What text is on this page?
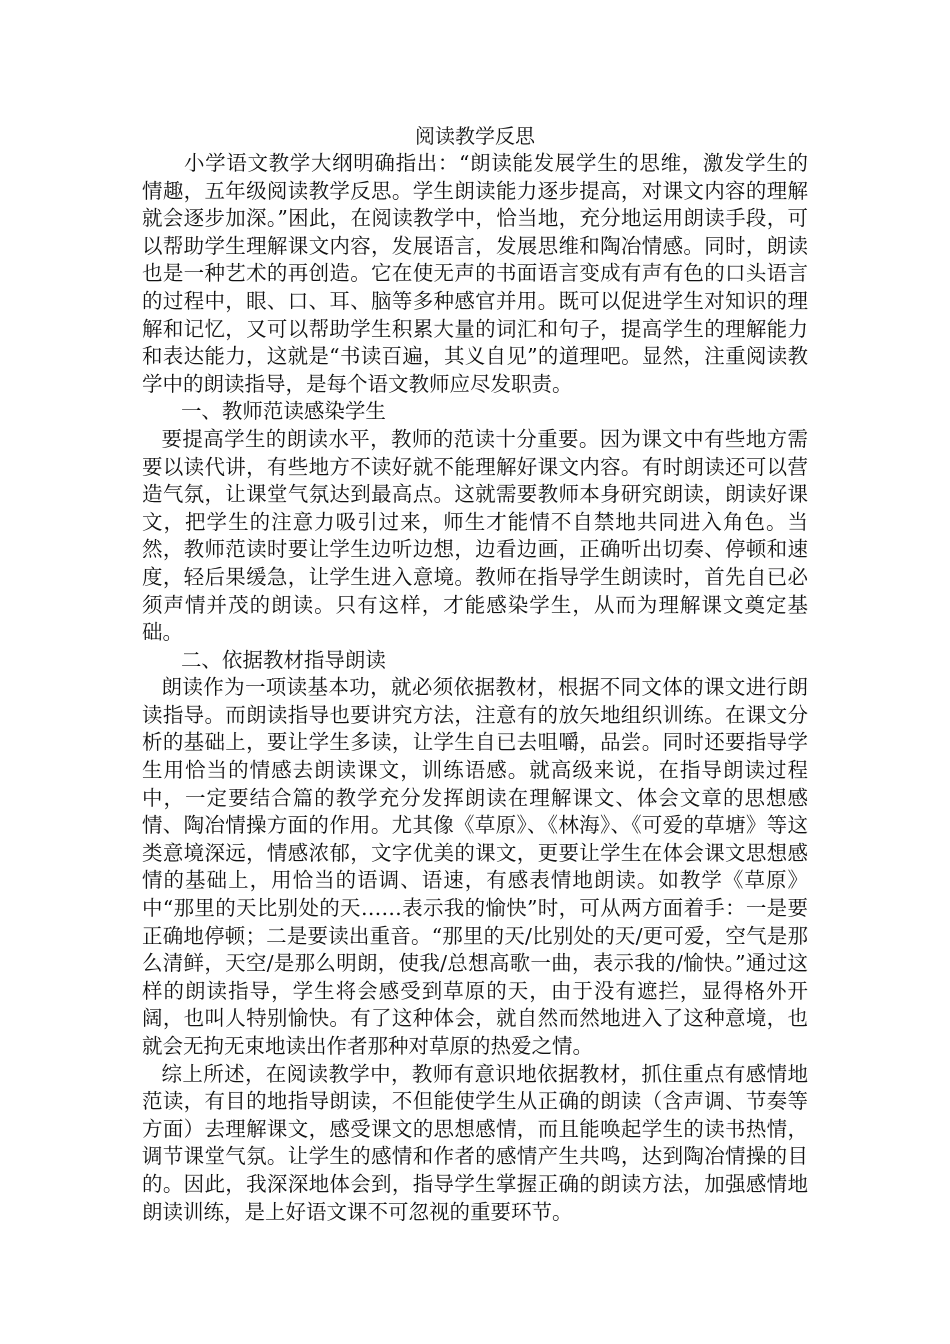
阅读教学反思

小学语文教学大纲明确指出：“朗读能发展学生的思维，激发学生的情趣，五年级阅读教学反思。学生朗读能力逐步提高，对课文内容的理解就会逐步加深。”困此，在阅读教学中，恰当地，充分地运用朗读手段，可以帮助学生理解课文内容，发展语言，发展思维和陶冶情感。同时，朗读也是一种艺术的再创造。它在使无声的书面语言变成有声有色的口头语言的过程中，眼、口、耳、脑等多种感官并用。既可以促进学生对知识的理解和记忆，又可以帮助学生积累大量的词汇和句子，提高学生的理解能力和表达能力，这就是“书读百遍，其义自见”的道理吧。显然，注重阅读教学中的朗读指导，是每个语文教师应尽发职责。

一、教师范读感染学生

要提高学生的朗读水平，教师的范读十分重要。因为课文中有些地方需要以读代讲，有些地方不读好就不能理解好课文内容。有时朗读还可以营造气氛，让课堂气氛达到最高点。这就需要教师本身研究朗读，朗读好课文，把学生的注意力吸引过来，师生才能情不自禁地共同进入角色。当然，教师范读时要让学生边听边想，边看边画，正确听出切奏、停顿和速度，轻后果缓急，让学生进入意境。教师在指导学生朗读时，首先自已必须声情并茂的朗读。只有这样，才能感染学生，从而为理解课文奠定基础。

二、依据教材指导朗读

朗读作为一项读基本功，就必须依据教材，根据不同文体的课文进行朗读指导。而朗读指导也要讲究方法，注意有的放矢地组织训练。在课文分析的基础上，要让学生多读，让学生自已去咀嚼，品尝。同时还要指导学生用恰当的情感去朗读课文，训练语感。就高级来说，在指导朗读过程中，一定要结合篇的教学充分发挥朗读在理解课文、体会文章的思想感情、陶冶情操方面的作用。尤其像《草原》、《林海》、《可爱的草塘》等这类意境深远，情感浓郁，文字优美的课文，更要让学生在体会课文思想感情的基础上，用恰当的语调、语速，有感表情地朗读。如教学《草原》中“那里的天比别处的天……表示我的愉快”时，可从两方面着手：一是要正确地停顿；二是要读出重音。“那里的天/比别处的天/更可爱，空气是那么清鲜，天空/是那么明朗，使我/总想高歌一曲，表示我的/愉快。”通过这样的朗读指导，学生将会感受到草原的天，由于没有遮拦，显得格外开阔，也叫人特别愉快。有了这种体会，就自然而然地进入了这种意境，也就会无拘无束地读出作者那种对草原的热爱之情。

综上所述，在阅读教学中，教师有意识地依据教材，抓住重点有感情地范读，有目的地指导朗读，不但能使学生从正确的朗读（含声调、节奏等方面）去理解课文，感受课文的思想感情，而且能唤起学生的读书热情，调节课堂气氛。让学生的感情和作者的感情产生共鸣，达到陶冶情操的目的。因此，我深深地体会到，指导学生掌握正确的朗读方法，加强感情地朗读训练，是上好语文课不可忽视的重要环节。
